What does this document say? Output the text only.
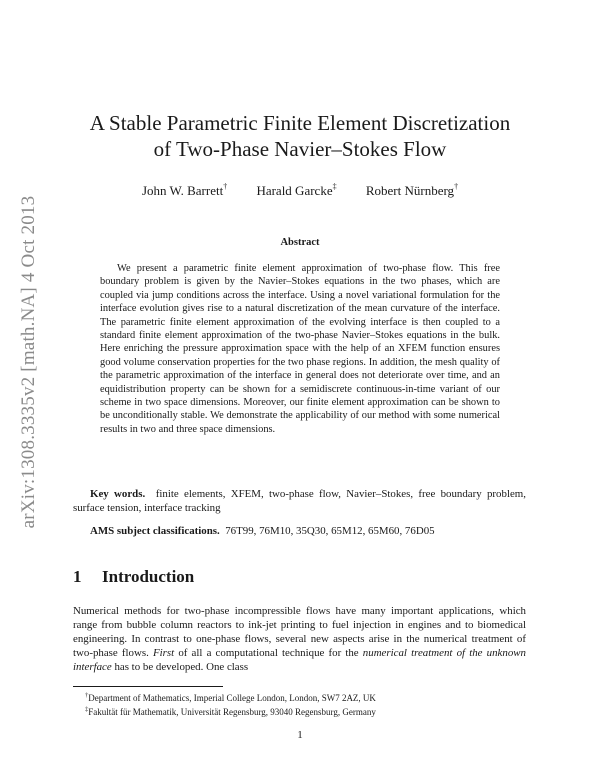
arXiv:1308.3335v2 [math.NA] 4 Oct 2013
A Stable Parametric Finite Element Discretization
of Two-Phase Navier–Stokes Flow
John W. Barrett† Harald Garcke‡ Robert Nürnberg†
Abstract

We present a parametric finite element approximation of two-phase flow. This free boundary problem is given by the Navier–Stokes equations in the two phases, which are coupled via jump conditions across the interface. Using a novel variational formulation for the interface evolution gives rise to a natural discretization of the mean curvature of the interface. The parametric finite element approximation of the evolving interface is then coupled to a standard finite element approximation of the two-phase Navier–Stokes equations in the bulk. Here enriching the pressure approximation space with the help of an XFEM function ensures good volume conservation properties for the two phase regions. In addition, the mesh quality of the parametric approximation of the interface in general does not deteriorate over time, and an equidistribution property can be shown for a semidiscrete continuous-in-time variant of our scheme in two space dimensions. Moreover, our finite element approximation can be shown to be unconditionally stable. We demonstrate the applicability of our method with some numerical results in two and three space dimensions.

Key words. finite elements, XFEM, two-phase flow, Navier–Stokes, free boundary problem, surface tension, interface tracking

AMS subject classifications. 76T99, 76M10, 35Q30, 65M12, 65M60, 76D05

1 Introduction

Numerical methods for two-phase incompressible flows have many important applications, which range from bubble column reactors to ink-jet printing to fuel injection in engines and to biomedical engineering. In contrast to one-phase flows, several new aspects arise in the numerical treatment of two-phase flows. First of all a computational technique for the numerical treatment of the unknown interface has to be developed. One class

†Department of Mathematics, Imperial College London, London, SW7 2AZ, UK
‡Fakultät für Mathematik, Universität Regensburg, 93040 Regensburg, Germany
1
